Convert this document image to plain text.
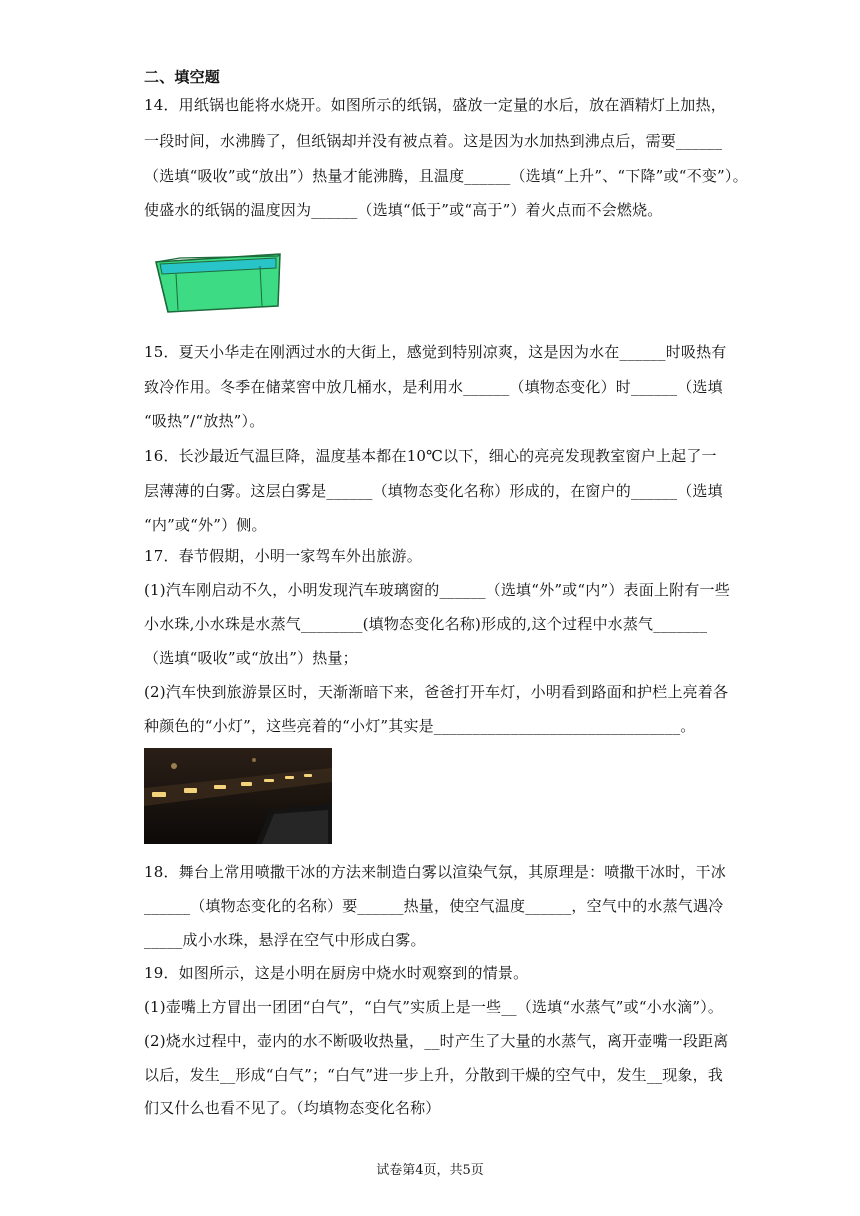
二、填空题
14．用纸锅也能将水烧开。如图所示的纸锅，盛放一定量的水后，放在酒精灯上加热，
一段时间，水沸腾了，但纸锅却并没有被点着。这是因为水加热到沸点后，需要______
（选填“吸收”或“放出”）热量才能沸腾，且温度______（选填“上升”、“下降”或“不变”）。
使盛水的纸锅的温度因为______（选填“低于”或“高于”）着火点而不会燃烧。
15．夏天小华走在刚洒过水的大街上，感觉到特别凉爽，这是因为水在______时吸热有
致冷作用。冬季在储菜窖中放几桶水，是利用水______（填物态变化）时______（选填
“吸热”/“放热”）。
16．长沙最近气温巨降，温度基本都在10℃以下，细心的亮亮发现教室窗户上起了一
层薄薄的白雾。这层白雾是______（填物态变化名称）形成的，在窗户的______（选填
“内”或“外”）侧。
17．春节假期，小明一家驾车外出旅游。
(1)汽车刚启动不久，小明发现汽车玻璃窗的______（选填“外”或“内”）表面上附有一些
小水珠,小水珠是水蒸气________(填物态变化名称)形成的,这个过程中水蒸气_______
（选填“吸收”或“放出”）热量；
(2)汽车快到旅游景区时，天渐渐暗下来，爸爸打开车灯，小明看到路面和护栏上亮着各
种颜色的“小灯”，这些亮着的“小灯”其实是________________________________。
18．舞台上常用喷撒干冰的方法来制造白雾以渲染气氛，其原理是：喷撒干冰时，干冰
______（填物态变化的名称）要______热量，使空气温度______，空气中的水蒸气遇冷
_____成小水珠，悬浮在空气中形成白雾。
19．如图所示，这是小明在厨房中烧水时观察到的情景。
(1)壶嘴上方冒出一团团“白气”，“白气”实质上是一些__（选填“水蒸气”或“小水滴”）。
(2)烧水过程中，壶内的水不断吸收热量，__时产生了大量的水蒸气，离开壶嘴一段距离
以后，发生__形成“白气”；“白气”进一步上升，分散到干燥的空气中，发生__现象，我
们又什么也看不见了。（均填物态变化名称）
试卷第4页，共5页
